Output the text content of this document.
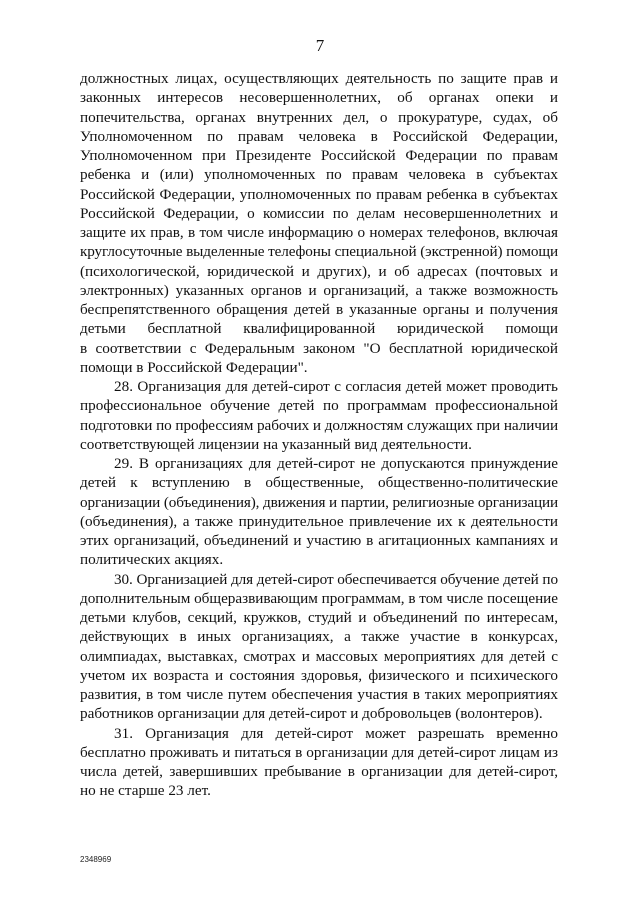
7
должностных лицах, осуществляющих деятельность по защите прав и
законных интересов несовершеннолетних, об органах опеки и
попечительства, органах внутренних дел, о прокуратуре, судах, об
Уполномоченном по правам человека в Российской Федерации,
Уполномоченном при Президенте Российской Федерации по правам
ребенка и (или) уполномоченных по правам человека в субъектах
Российской Федерации, уполномоченных по правам ребенка в субъектах
Российской Федерации, о комиссии по делам несовершеннолетних и
защите их прав, в том числе информацию о номерах телефонов, включая
круглосуточные выделенные телефоны специальной (экстренной) помощи
(психологической, юридической и других), и об адресах (почтовых и
электронных) указанных органов и организаций, а также возможность
беспрепятственного обращения детей в указанные органы и получения
детьми бесплатной квалифицированной юридической помощи
в соответствии с Федеральным законом "О бесплатной юридической
помощи в Российской Федерации".
28. Организация для детей-сирот с согласия детей может проводить
профессиональное обучение детей по программам профессиональной
подготовки по профессиям рабочих и должностям служащих при наличии
соответствующей лицензии на указанный вид деятельности.
29. В организациях для детей-сирот не допускаются принуждение
детей к вступлению в общественные, общественно-политические
организации (объединения), движения и партии, религиозные организации
(объединения), а также принудительное привлечение их к деятельности
этих организаций, объединений и участию в агитационных кампаниях и
политических акциях.
30. Организацией для детей-сирот обеспечивается обучение детей по
дополнительным общеразвивающим программам, в том числе посещение
детьми клубов, секций, кружков, студий и объединений по интересам,
действующих в иных организациях, а также участие в конкурсах,
олимпиадах, выставках, смотрах и массовых мероприятиях для детей с
учетом их возраста и состояния здоровья, физического и психического
развития, в том числе путем обеспечения участия в таких мероприятиях
работников организации для детей-сирот и добровольцев (волонтеров).
31. Организация для детей-сирот может разрешать временно
бесплатно проживать и питаться в организации для детей-сирот лицам из
числа детей, завершивших пребывание в организации для детей-сирот,
но не старше 23 лет.
2348969
